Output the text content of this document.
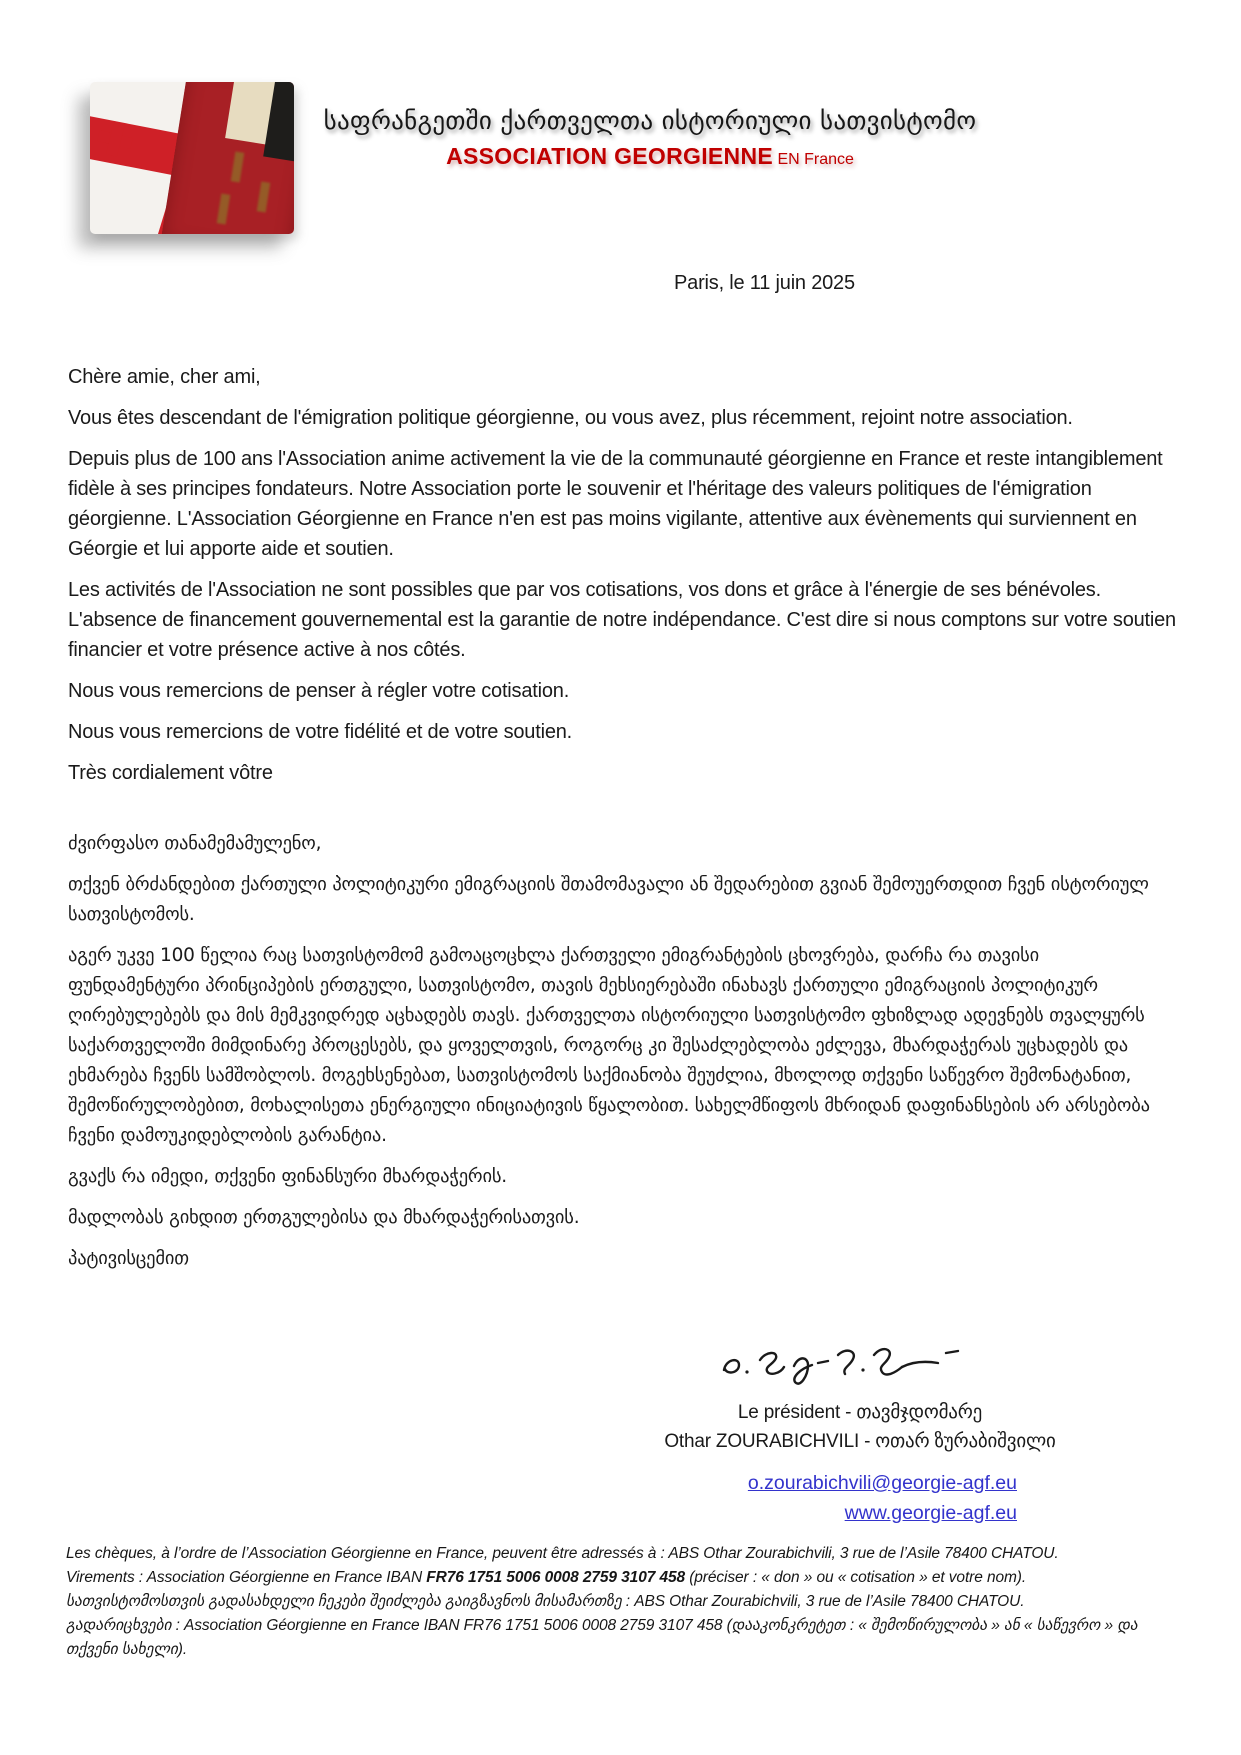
საფრანგეთში ქართველთა ისტორიული სათვისტომო
ASSOCIATION GEORGIENNE EN France
Paris, le 11 juin 2025

Chère amie, cher ami,

Vous êtes descendant de l'émigration politique géorgienne, ou vous avez, plus récemment, rejoint notre association.

Depuis plus de 100 ans l'Association anime activement la vie de la communauté géorgienne en France et reste intangiblement fidèle à ses principes fondateurs. Notre Association porte le souvenir et l'héritage des valeurs politiques de l'émigration géorgienne. L'Association Géorgienne en France n'en est pas moins vigilante, attentive aux évènements qui surviennent en Géorgie et lui apporte aide et soutien.

Les activités de l'Association ne sont possibles que par vos cotisations, vos dons et grâce à l'énergie de ses bénévoles. L'absence de financement gouvernemental est la garantie de notre indépendance. C'est dire si nous comptons sur votre soutien financier et votre présence active à nos côtés.

Nous vous remercions de penser à régler votre cotisation.

Nous vous remercions de votre fidélité et de votre soutien.

Très cordialement vôtre

ძვირფასო თანამემამულენო,

თქვენ ბრძანდებით ქართული პოლიტიკური ემიგრაციის შთამომავალი ან შედარებით გვიან შემოუერთდით ჩვენ ისტორიულ სათვისტომოს.

აგერ უკვე 100 წელია რაც სათვისტომომ გამოაცოცხლა ქართველი ემიგრანტების ცხოვრება, დარჩა რა თავისი ფუნდამენტური პრინციპების ერთგული, სათვისტომო, თავის მეხსიერებაში ინახავს ქართული ემიგრაციის პოლიტიკურ ღირებულებებს და მის მემკვიდრედ აცხადებს თავს. ქართველთა ისტორიული სათვისტომო ფხიზლად ადევნებს თვალყურს საქართველოში მიმდინარე პროცესებს, და ყოველთვის, როგორც კი შესაძლებლობა ეძლევა, მხარდაჭერას უცხადებს და ეხმარება ჩვენს სამშობლოს. მოგეხსენებათ, სათვისტომოს საქმიანობა შეუძლია, მხოლოდ თქვენი საწევრო შემონატანით, შემოწირულობებით, მოხალისეთა ენერგიული ინიციატივის წყალობით. სახელმწიფოს მხრიდან დაფინანსების არ არსებობა ჩვენი დამოუკიდებლობის გარანტია.

გვაქს რა იმედი, თქვენი ფინანსური მხარდაჭერის.

მადლობას გიხდით ერთგულებისა და მხარდაჭერისათვის.

პატივისცემით

Le président - თავმჯდომარე
Othar ZOURABICHVILI - ოთარ ზურაბიშვილი
o.zourabichvili@georgie-agf.eu
www.georgie-agf.eu

Les chèques, à l’ordre de l’Association Géorgienne en France, peuvent être adressés à : ABS Othar Zourabichvili, 3 rue de l’Asile 78400 CHATOU.

Virements : Association Géorgienne en France IBAN FR76 1751 5006 0008 2759 3107 458 (préciser : « don » ou « cotisation » et votre nom).

სათვისტომოსთვის გადასახდელი ჩეკები შეიძლება გაიგზავნოს მისამართზე : ABS Othar Zourabichvili, 3 rue de l’Asile 78400 CHATOU.

გადარიცხვები : Association Géorgienne en France IBAN FR76 1751 5006 0008 2759 3107 458 (დააკონკრეტეთ : « შემოწირულობა » ან « საწევრო » და თქვენი სახელი).
